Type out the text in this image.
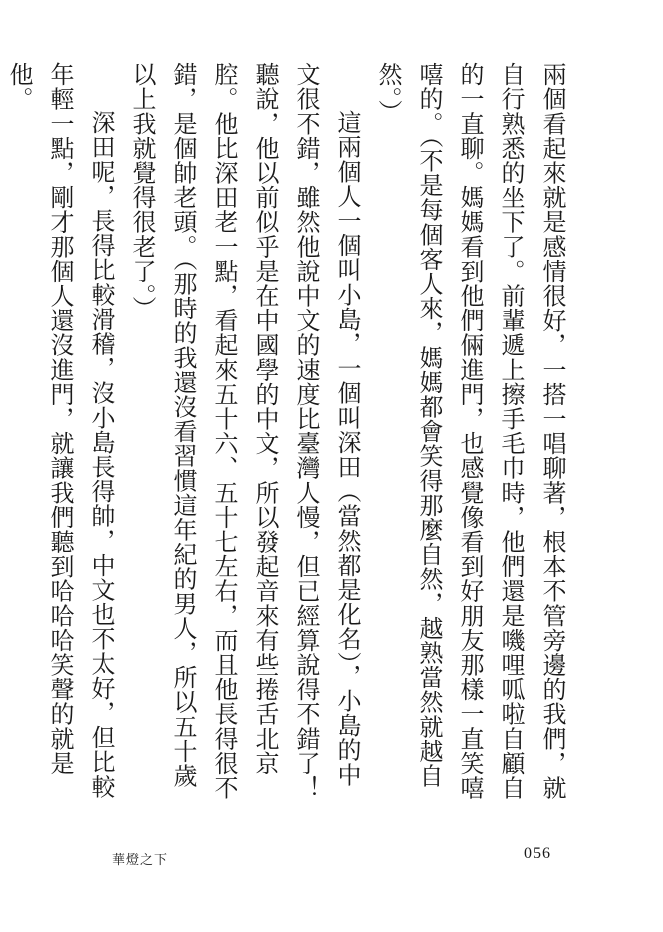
兩個看起來就是感情很好，一搭一唱聊著，根本不管旁邊的我們，就自行熟悉的坐下了。前輩遞上擦手毛巾時，他們還是嘰哩呱啦自顧自的一直聊。媽媽看到他們倆進門，也感覺像看到好朋友那樣一直笑嘻嘻的。（不是每個客人來，媽媽都會笑得那麼自然，越熟當然就越自然。）

這兩個人一個叫小島，一個叫深田（當然都是化名），小島的中文很不錯，雖然他說中文的速度比臺灣人慢，但已經算說得不錯了！聽說，他以前似乎是在中國學的中文，所以發起音來有些捲舌北京腔。他比深田老一點，看起來五十六、五十七左右，而且他長得很不錯，是個帥老頭。（那時的我還沒看習慣這年紀的男人，所以五十歲以上我就覺得很老了。）

深田呢，長得比較滑稽，沒小島長得帥，中文也不太好，但比較年輕一點，剛才那個人還沒進門，就讓我們聽到哈哈哈笑聲的就是他。

華燈之下	056
